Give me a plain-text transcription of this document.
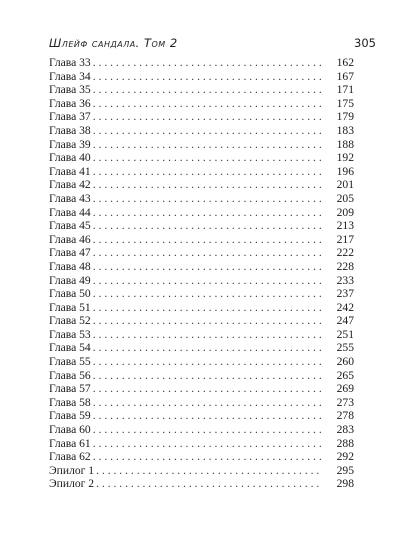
Шлейф сандала. Том 2	305
Глава 33 . . .	162
Глава 34 . . .	167
Глава 35 . . .	171
Глава 36 . . .	175
Глава 37 . . .	179
Глава 38 . . .	183
Глава 39 . . .	188
Глава 40 . . .	192
Глава 41 . . .	196
Глава 42 . . .	201
Глава 43 . . .	205
Глава 44 . . .	209
Глава 45 . . .	213
Глава 46 . . .	217
Глава 47 . . .	222
Глава 48 . . .	228
Глава 49 . . .	233
Глава 50 . . .	237
Глава 51 . . .	242
Глава 52 . . .	247
Глава 53 . . .	251
Глава 54 . . .	255
Глава 55 . . .	260
Глава 56 . . .	265
Глава 57 . . .	269
Глава 58 . . .	273
Глава 59 . . .	278
Глава 60 . . .	283
Глава 61 . . .	288
Глава 62 . . .	292
Эпилог 1 . . .	295
Эпилог 2 . . .	298
